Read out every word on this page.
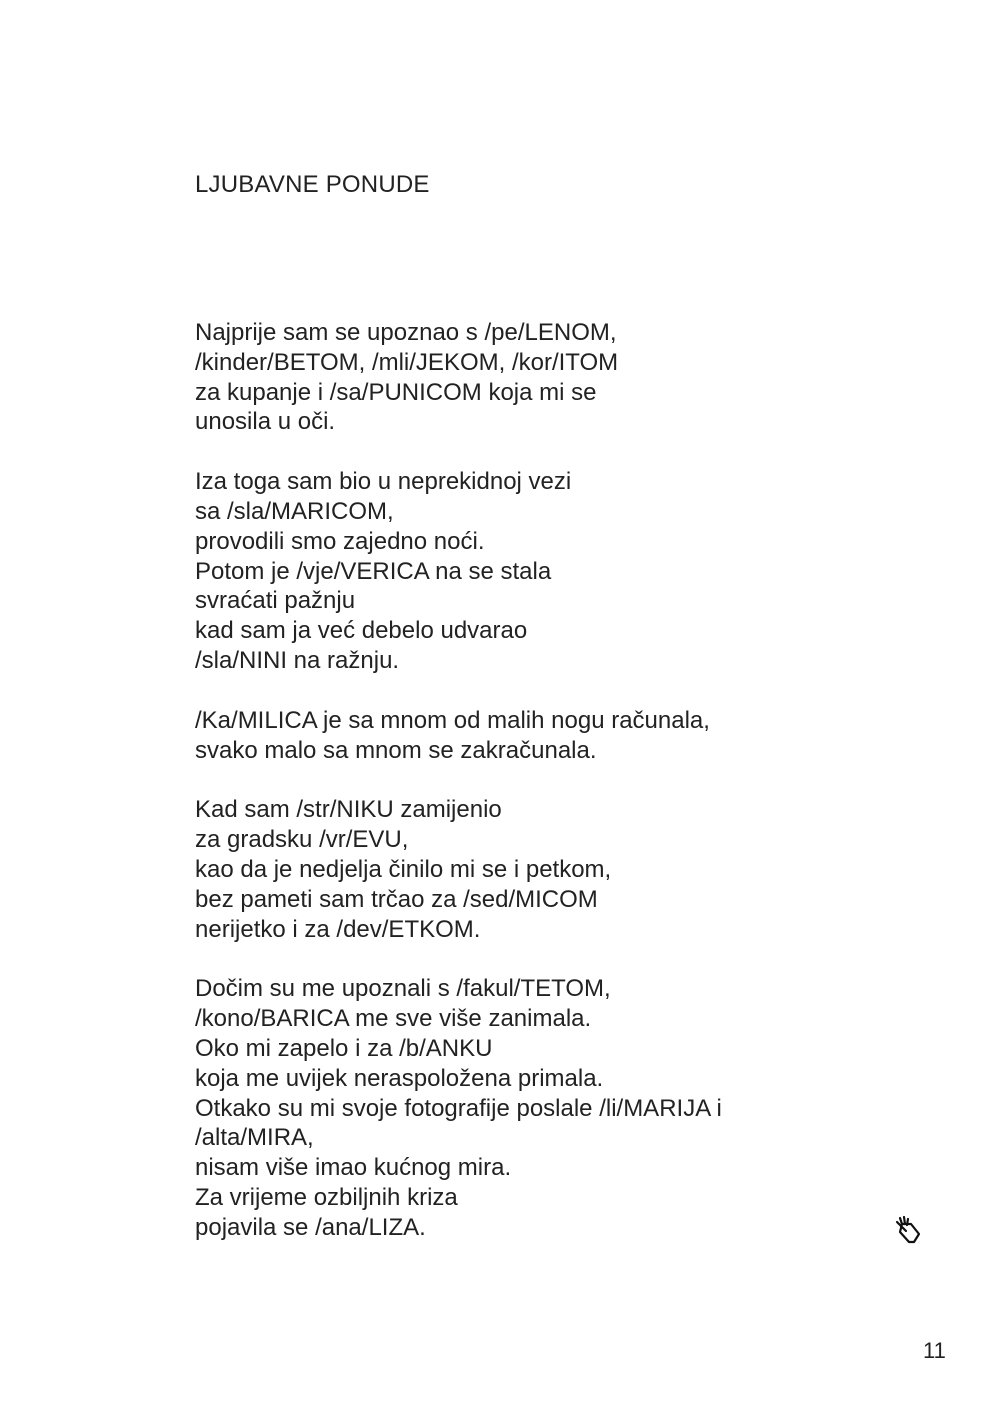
LJUBAVNE PONUDE
Najprije sam se upoznao s /pe/LENOM,
/kinder/BETOM, /mli/JEKOM, /kor/ITOM
za kupanje i /sa/PUNICOM koja mi se
unosila u oči.
Iza toga sam bio u neprekidnoj vezi
sa /sla/MARICOM,
provodili smo zajedno noći.
Potom je /vje/VERICA na se stala
svraćati pažnju
kad sam ja već debelo udvarao
/sla/NINI na ražnju.
/Ka/MILICA je sa mnom od malih nogu računala,
svako malo sa mnom se zakračunala.
Kad sam /str/NIKU zamijenio
za gradsku /vr/EVU,
kao da je nedjelja činilo mi se i petkom,
bez pameti sam trčao za /sed/MICOM
nerijetko i za /dev/ETKOM.
Dočim su me upoznali s /fakul/TETOM,
/kono/BARICA me sve više zanimala.
Oko mi zapelo i za /b/ANKU
koja me uvijek neraspoložena primala.
Otkako su mi svoje fotografije poslale /li/MARIJA i
/alta/MIRA,
nisam više imao kućnog mira.
Za vrijeme ozbiljnih kriza
pojavila se /ana/LIZA.
11
